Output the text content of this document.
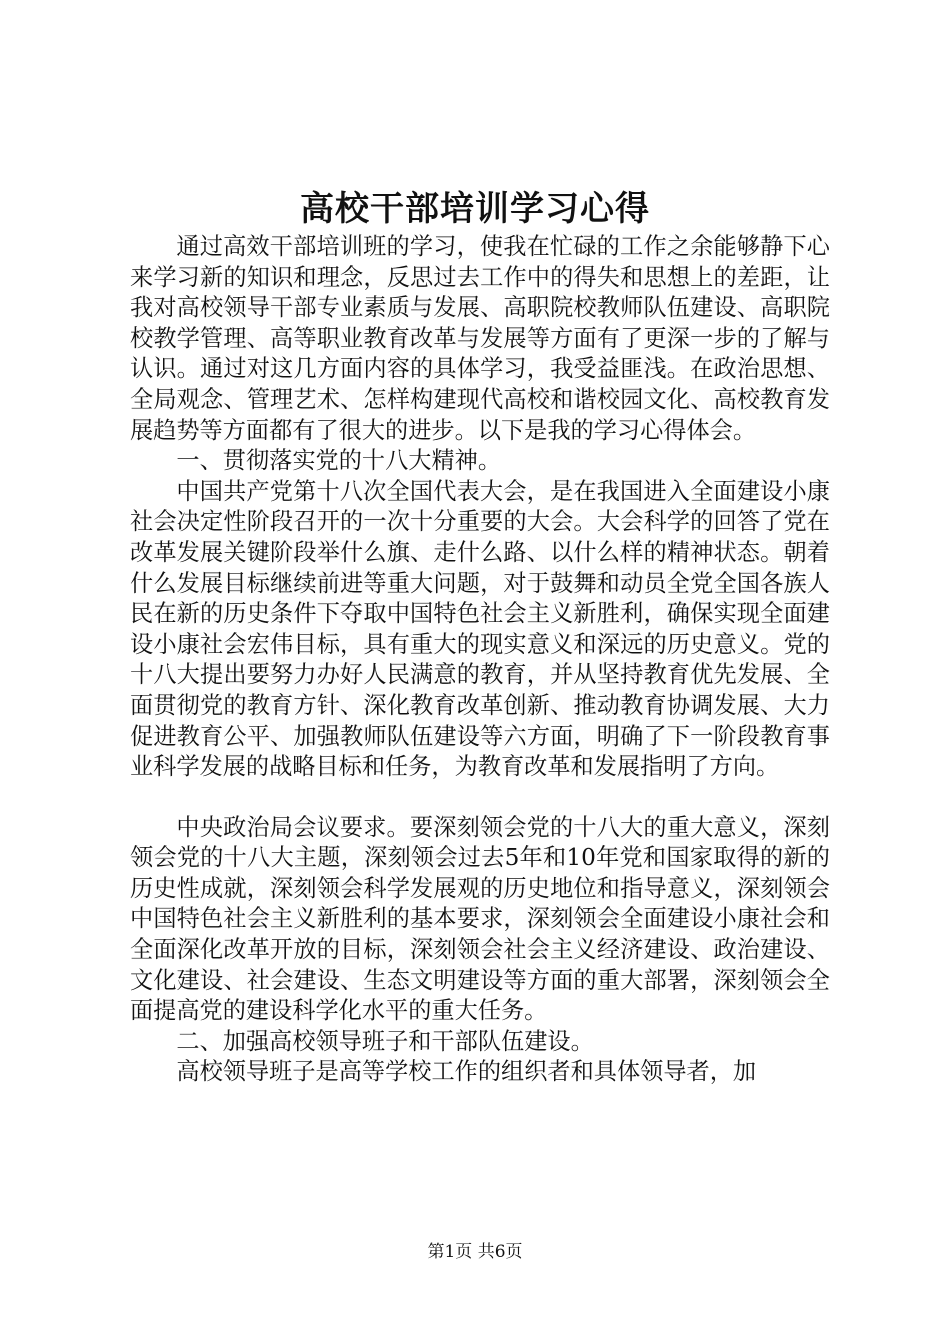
高校干部培训学习心得

通过高效干部培训班的学习，使我在忙碌的工作之余能够静下心来学习新的知识和理念，反思过去工作中的得失和思想上的差距，让我对高校领导干部专业素质与发展、高职院校教师队伍建设、高职院校教学管理、高等职业教育改革与发展等方面有了更深一步的了解与认识。通过对这几方面内容的具体学习，我受益匪浅。在政治思想、全局观念、管理艺术、怎样构建现代高校和谐校园文化、高校教育发展趋势等方面都有了很大的进步。以下是我的学习心得体会。

一、贯彻落实党的十八大精神。

中国共产党第十八次全国代表大会，是在我国进入全面建设小康社会决定性阶段召开的一次十分重要的大会。大会科学的回答了党在改革发展关键阶段举什么旗、走什么路、以什么样的精神状态。朝着什么发展目标继续前进等重大问题，对于鼓舞和动员全党全国各族人民在新的历史条件下夺取中国特色社会主义新胜利，确保实现全面建设小康社会宏伟目标，具有重大的现实意义和深远的历史意义。党的十八大提出要努力办好人民满意的教育，并从坚持教育优先发展、全面贯彻党的教育方针、深化教育改革创新、推动教育协调发展、大力促进教育公平、加强教师队伍建设等六方面，明确了下一阶段教育事业科学发展的战略目标和任务，为教育改革和发展指明了方向。

中央政治局会议要求。要深刻领会党的十八大的重大意义，深刻领会党的十八大主题，深刻领会过去5年和10年党和国家取得的新的历史性成就，深刻领会科学发展观的历史地位和指导意义，深刻领会中国特色社会主义新胜利的基本要求，深刻领会全面建设小康社会和全面深化改革开放的目标，深刻领会社会主义经济建设、政治建设、文化建设、社会建设、生态文明建设等方面的重大部署，深刻领会全面提高党的建设科学化水平的重大任务。

二、加强高校领导班子和干部队伍建设。

高校领导班子是高等学校工作的组织者和具体领导者，加

第1页 共6页
